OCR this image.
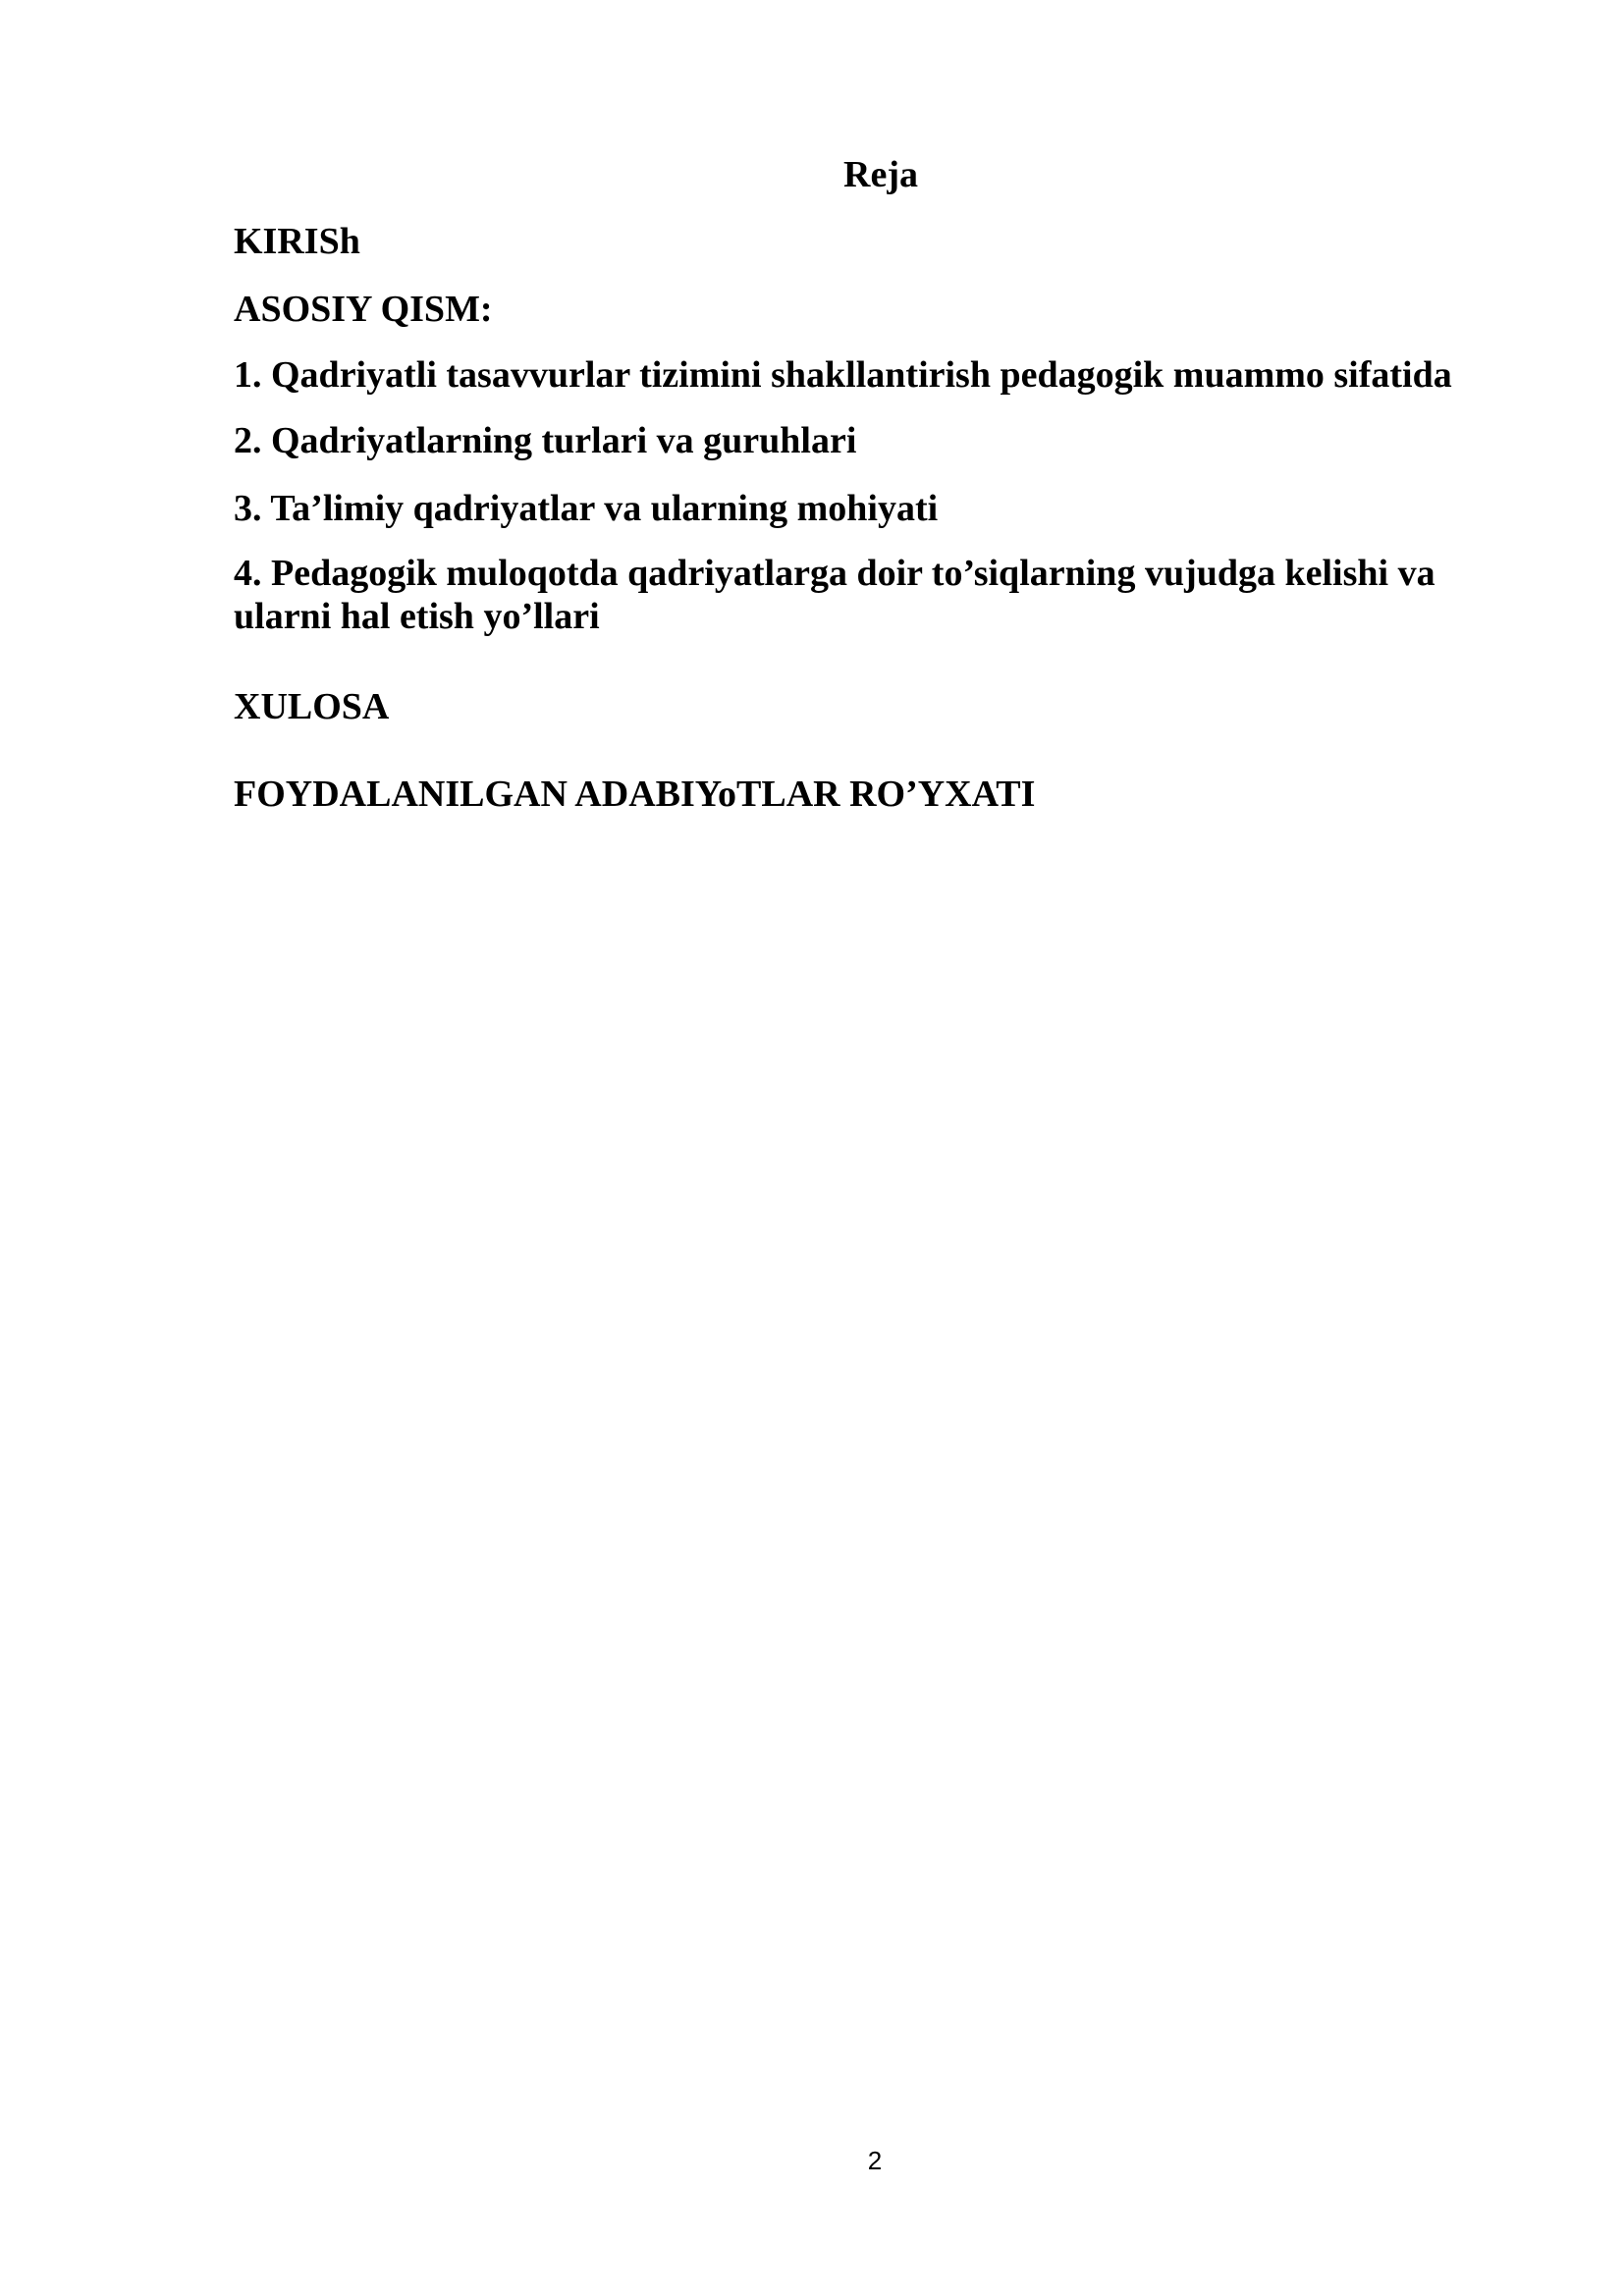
Reja
KIRISh
ASOSIY QISM:
1. Qadriyatli tasavvurlar tizimini shakllantirish pedagogik muammo sifatida
2. Qadriyatlarning turlari va guruhlari
3. Ta’limiy qadriyatlar va ularning mohiyati
4. Pedagogik muloqotda qadriyatlarga doir to’siqlarning vujudga kelishi va ularni hal etish yo’llari
XULOSA
FOYDALANILGAN ADABIYoTLAR RO’YXATI
2
